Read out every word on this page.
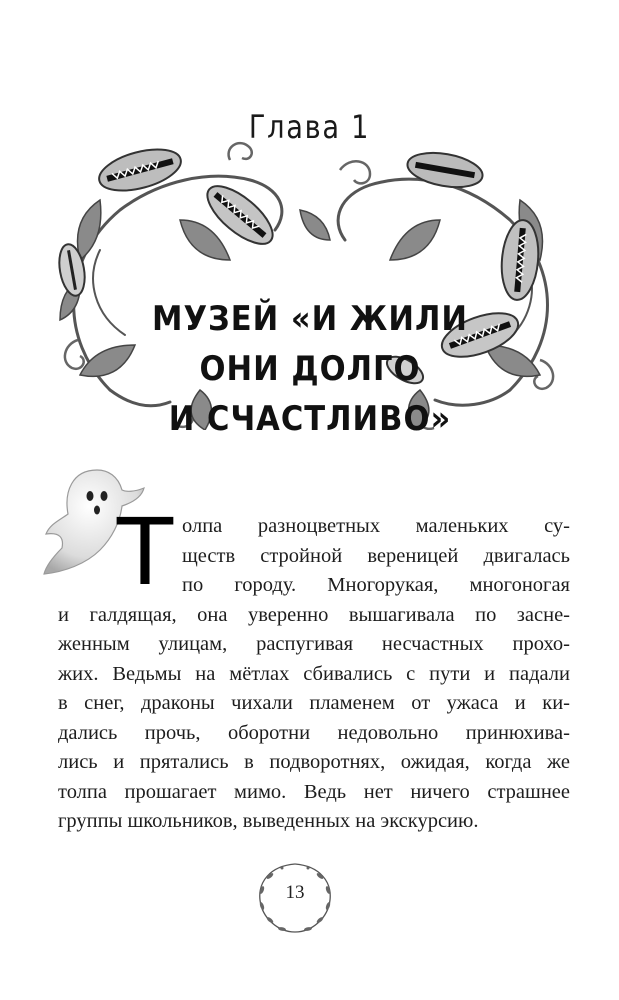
Глава 1
МУЗЕЙ «И ЖИЛИ
ОНИ ДОЛГО
И СЧАСТЛИВО»
Т олпа разноцветных маленьких су-
ществ стройной вереницей двигалась
по городу. Многорукая, многоногая
и галдящая, она уверенно вышагивала по засне-
женным улицам, распугивая несчастных прохо-
жих. Ведьмы на мётлах сбивались с пути и падали
в снег, драконы чихали пламенем от ужаса и ки-
дались прочь, оборотни недовольно принюхива-
лись и прятались в подворотнях, ожидая, когда же
толпа прошагает мимо. Ведь нет ничего страшнее
группы школьников, выведенных на экскурсию.
13
